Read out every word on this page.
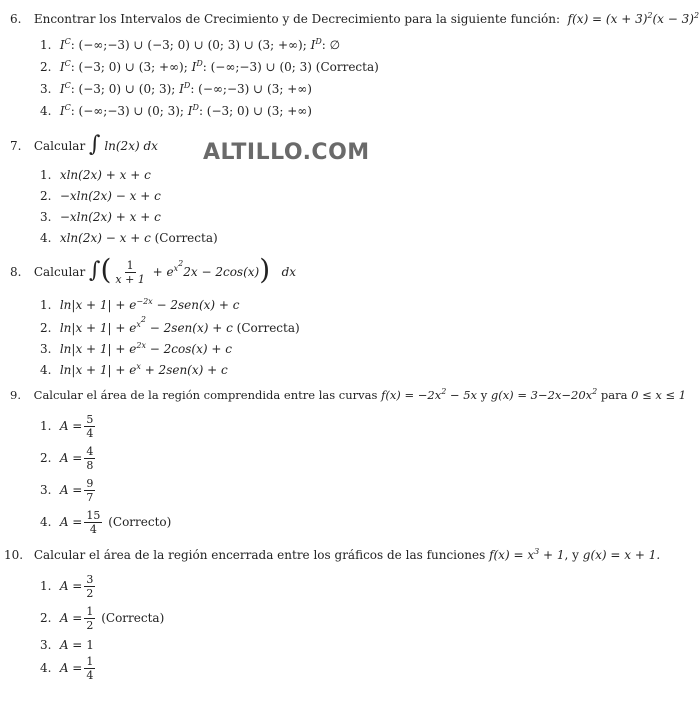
ALTILLO.COM
6. Encontrar los Intervalos de Crecimiento y de Decrecimiento para la siguiente función:  $f(x) = (x + 3)^2(x - 3)^2$
1. $I^C$: (−∞;−3) ∪ (−3; 0) ∪ (0; 3) ∪ (3; +∞); $I^D$: ∅
2. $I^C$: (−3; 0) ∪ (3; +∞); $I^D$: (−∞;−3) ∪ (0; 3) (Correcta)
3. $I^C$: (−3; 0) ∪ (0; 3); $I^D$: (−∞;−3) ∪ (3; +∞)
4. $I^C$: (−∞;−3) ∪ (0; 3); $I^D$: (−3; 0) ∪ (3; +∞)
7. Calcular ∫ ln(2x) dx
1. xln(2x) + x + c
2. −xln(2x) − x + c
3. −xln(2x) + x + c
4. xln(2x) − x + c (Correcta)
8. Calcular ∫( $\frac{1}{x + 1} + e^{x^2}2x - 2\cos(x)$)   dx
1. $\ln|x + 1| + e^{-2x} - 2sen(x) + c$
2. $\ln|x + 1| + e^{x^2} - 2sen(x) + c$ (Correcta)
3. $\ln|x + 1| + e^{2x} - 2\cos(x) + c$
4. $\ln|x + 1| + e^x + 2sen(x) + c$
9. Calcular el área de la región comprendida entre las curvas $f(x) = -2x^2 - 5x$ y $g(x) = 3-2x-20x^2$ para 0 ≤ x ≤ 1
1. $A = \frac{5}{4}$
2. $A = \frac{4}{8}$
3. $A = \frac{9}{7}$
4. $A = \frac{15}{4}$ (Correcto)
10. Calcular el área de la región encerrada entre los gráficos de las funciones $f(x) = x^3 + 1$, y g(x) = x + 1.
1. $A = \frac{3}{2}$
2. $A = \frac{1}{2}$ (Correcta)
3. A = 1
4. $A = \frac{1}{4}$
